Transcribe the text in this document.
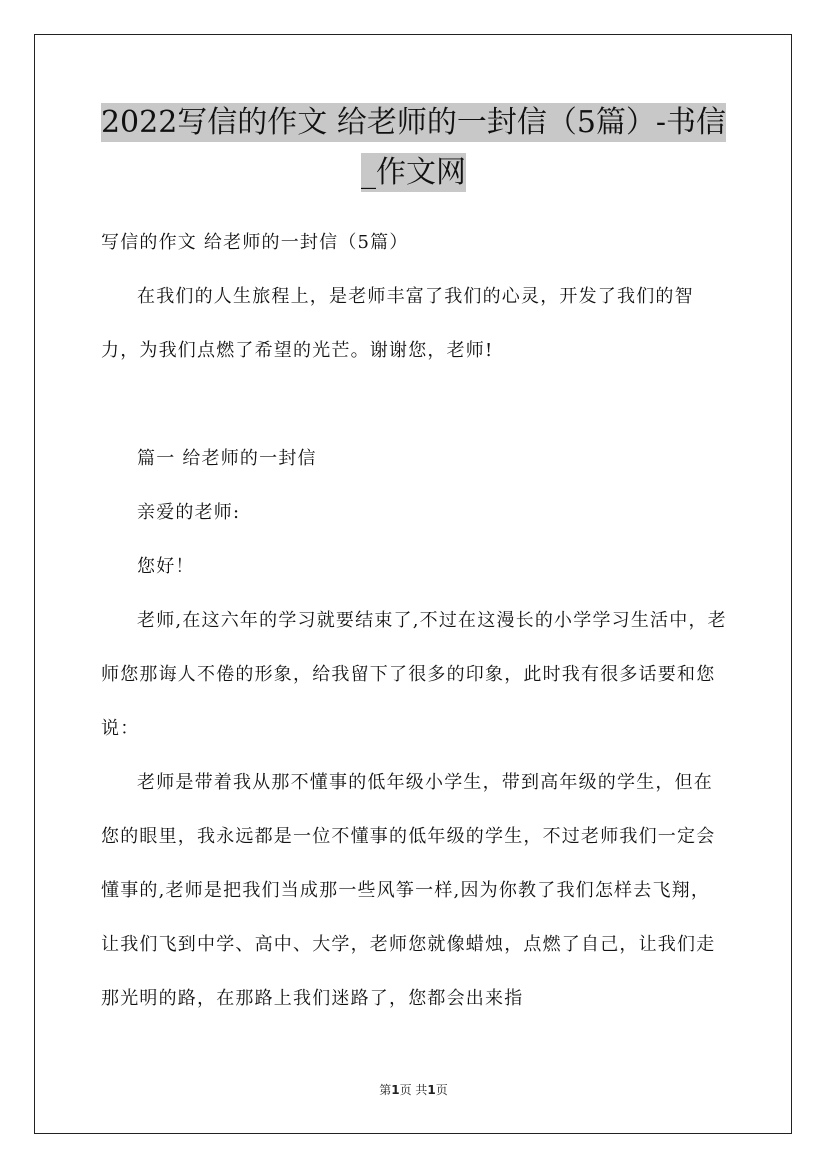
2022写信的作文 给老师的一封信（5篇）-书信_作文网

写信的作文 给老师的一封信（5篇）

在我们的人生旅程上，是老师丰富了我们的心灵，开发了我们的智力，为我们点燃了希望的光芒。谢谢您，老师!

篇一 给老师的一封信

亲爱的老师:

您好！

老师,在这六年的学习就要结束了,不过在这漫长的小学学习生活中，老师您那诲人不倦的形象，给我留下了很多的印象，此时我有很多话要和您说：

老师是带着我从那不懂事的低年级小学生，带到高年级的学生，但在您的眼里，我永远都是一位不懂事的低年级的学生，不过老师我们一定会懂事的,老师是把我们当成那一些风筝一样,因为你教了我们怎样去飞翔，让我们飞到中学、高中、大学，老师您就像蜡烛，点燃了自己，让我们走那光明的路，在那路上我们迷路了，您都会出来指

第1页 共1页
